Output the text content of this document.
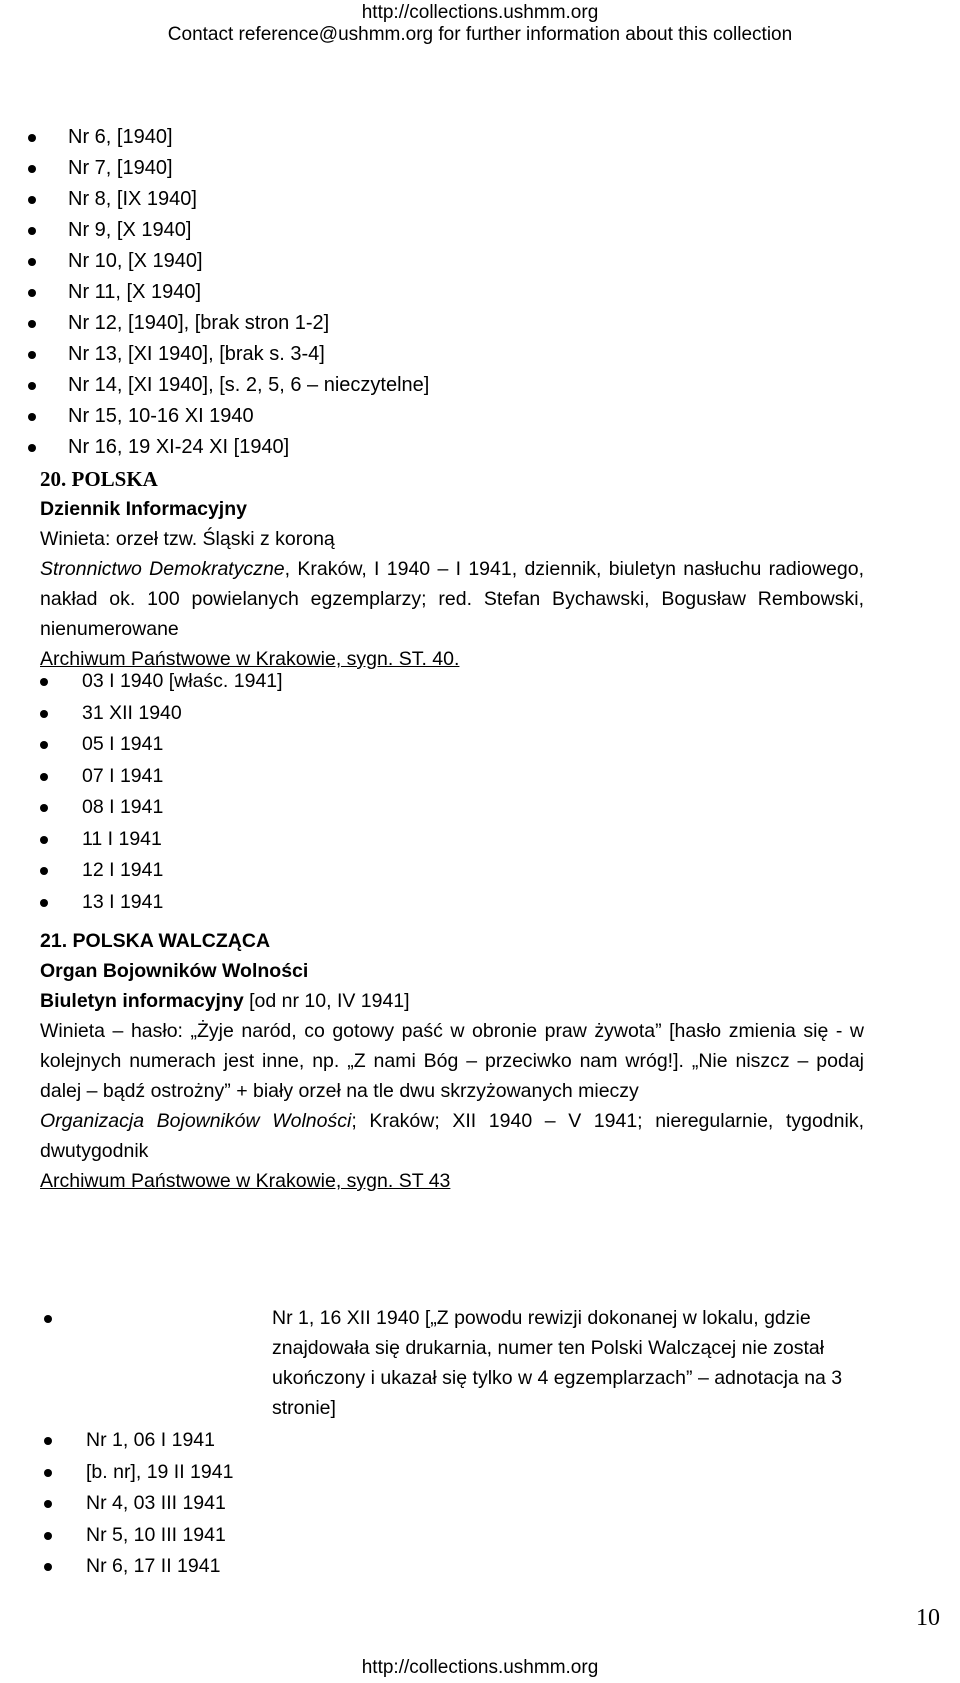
http://collections.ushmm.org
Contact reference@ushmm.org for further information about this collection
Nr 6, [1940]
Nr 7, [1940]
Nr 8, [IX 1940]
Nr 9, [X 1940]
Nr 10, [X 1940]
Nr 11, [X 1940]
Nr 12, [1940], [brak stron 1-2]
Nr 13, [XI 1940], [brak s. 3-4]
Nr 14, [XI 1940], [s. 2, 5, 6 – nieczytelne]
Nr 15, 10-16 XI 1940
Nr 16, 19 XI-24 XI [1940]

20. POLSKA

Dziennik Informacyjny

Winieta: orzeł tzw. Śląski z koroną

Stronnictwo Demokratyczne, Kraków, I 1940 – I 1941, dziennik, biuletyn nasłuchu radiowego, nakład ok. 100 powielanych egzemplarzy; red. Stefan Bychawski, Bogusław Rembowski, nienumerowane

Archiwum Państwowe w Krakowie, sygn. ST. 40.

03 I 1940 [właśc. 1941]
31 XII 1940
05 I 1941
07 I 1941
08 I 1941
11 I 1941
12 I 1941
13 I 1941

21. POLSKA WALCZĄCA

Organ Bojowników Wolności

Biuletyn informacyjny [od nr 10, IV 1941]

Winieta – hasło: „Żyje naród, co gotowy paść w obronie praw żywota” [hasło zmienia się - w kolejnych numerach jest inne, np. „Z nami Bóg – przeciwko nam wróg!]. „Nie niszcz – podaj dalej – bądź ostrożny” + biały orzeł na tle dwu skrzyżowanych mieczy

Organizacja Bojowników Wolności; Kraków; XII 1940 – V 1941; nieregularnie, tygodnik, dwutygodnik

Archiwum Państwowe w Krakowie, sygn. ST 43

Nr 1, 16 XII 1940 [„Z powodu rewizji dokonanej w lokalu, gdzie znajdowała się drukarnia, numer ten Polski Walczącej nie został ukończony i ukazał się tylko w 4 egzemplarzach” – adnotacja na 3 stronie]
Nr 1, 06 I 1941
[b. nr], 19 II 1941
Nr 4, 03 III 1941
Nr 5, 10 III 1941
Nr 6, 17 II 1941
10
http://collections.ushmm.org
